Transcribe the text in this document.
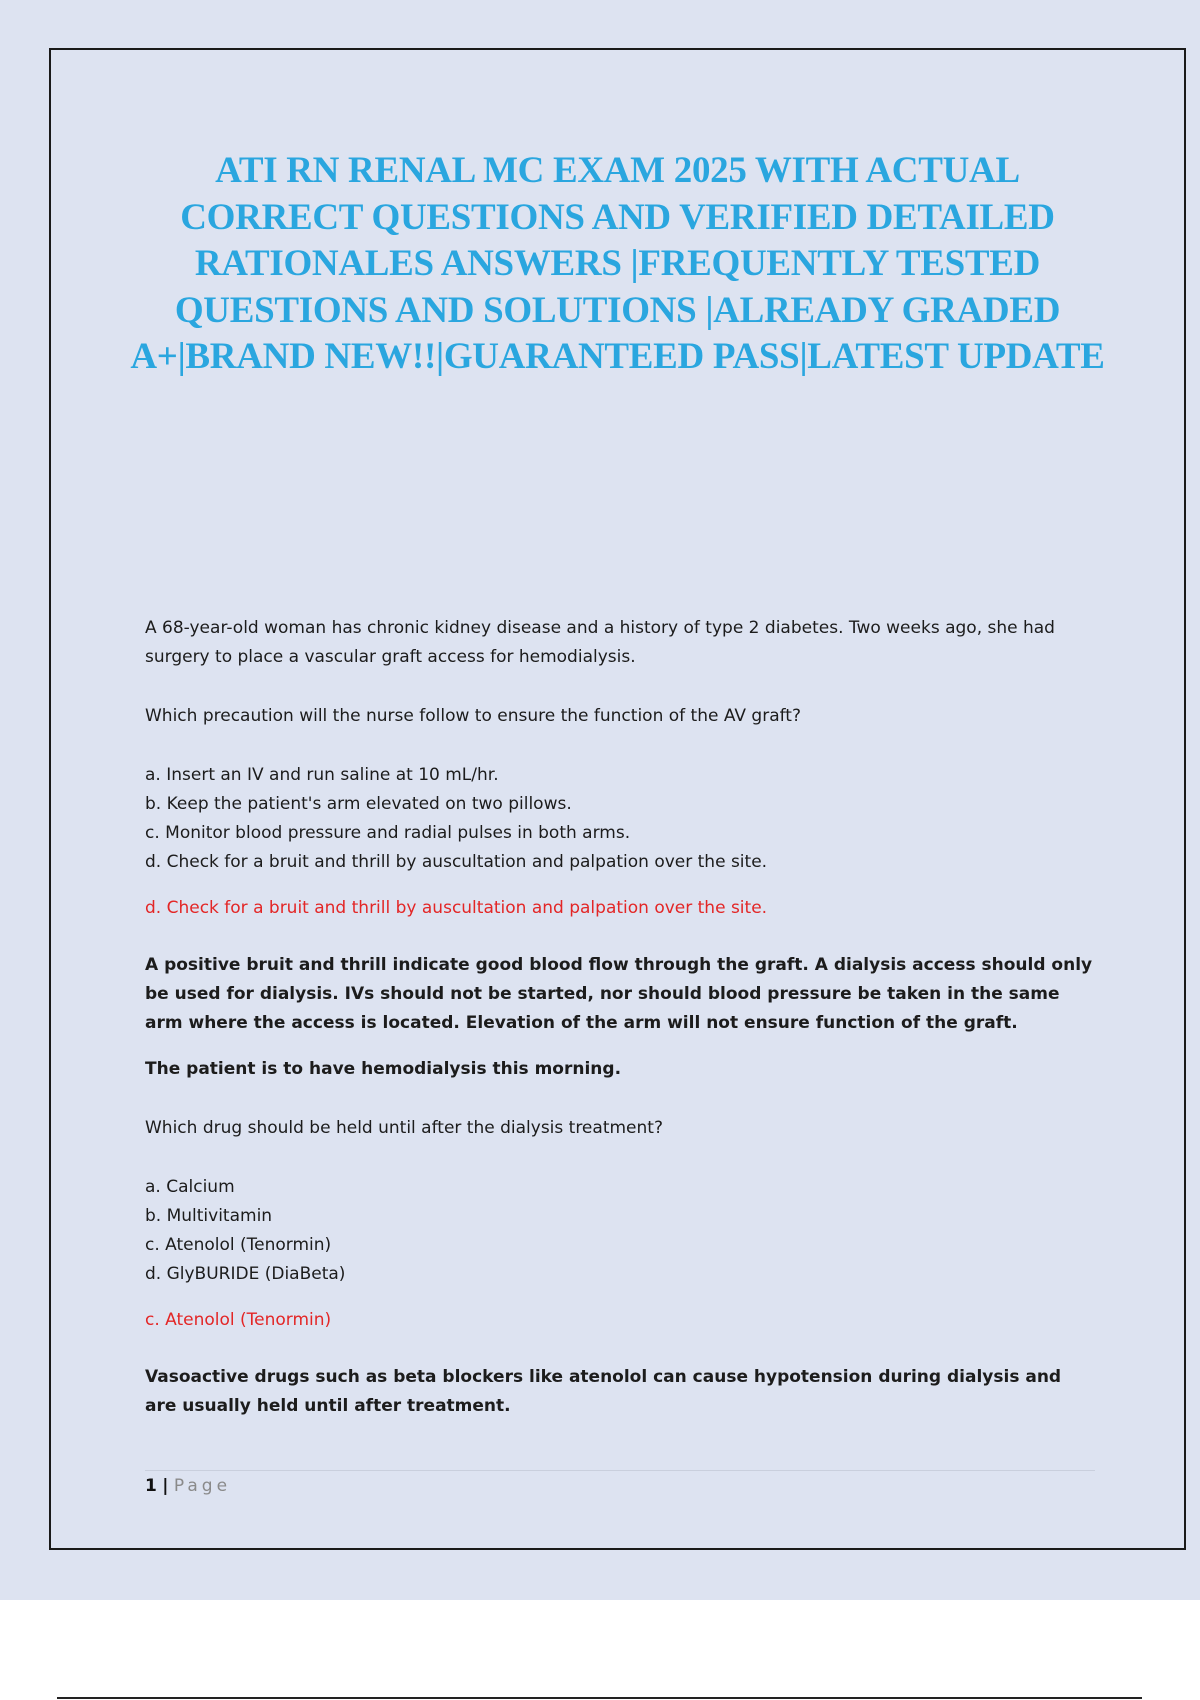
ATI RN RENAL MC EXAM 2025 WITH ACTUAL CORRECT QUESTIONS AND VERIFIED DETAILED RATIONALES ANSWERS |FREQUENTLY TESTED QUESTIONS AND SOLUTIONS |ALREADY GRADED A+|BRAND NEW!!|GUARANTEED PASS|LATEST UPDATE

A 68-year-old woman has chronic kidney disease and a history of type 2 diabetes. Two weeks ago, she had surgery to place a vascular graft access for hemodialysis.

Which precaution will the nurse follow to ensure the function of the AV graft?

a. Insert an IV and run saline at 10 mL/hr.
b. Keep the patient's arm elevated on two pillows.
c. Monitor blood pressure and radial pulses in both arms.
d. Check for a bruit and thrill by auscultation and palpation over the site.

d. Check for a bruit and thrill by auscultation and palpation over the site.

A positive bruit and thrill indicate good blood flow through the graft. A dialysis access should only be used for dialysis. IVs should not be started, nor should blood pressure be taken in the same arm where the access is located. Elevation of the arm will not ensure function of the graft.

The patient is to have hemodialysis this morning.

Which drug should be held until after the dialysis treatment?

a. Calcium
b. Multivitamin
c. Atenolol (Tenormin)
d. GlyBURIDE (DiaBeta)

c. Atenolol (Tenormin)

Vasoactive drugs such as beta blockers like atenolol can cause hypotension during dialysis and are usually held until after treatment.

1 | Page
